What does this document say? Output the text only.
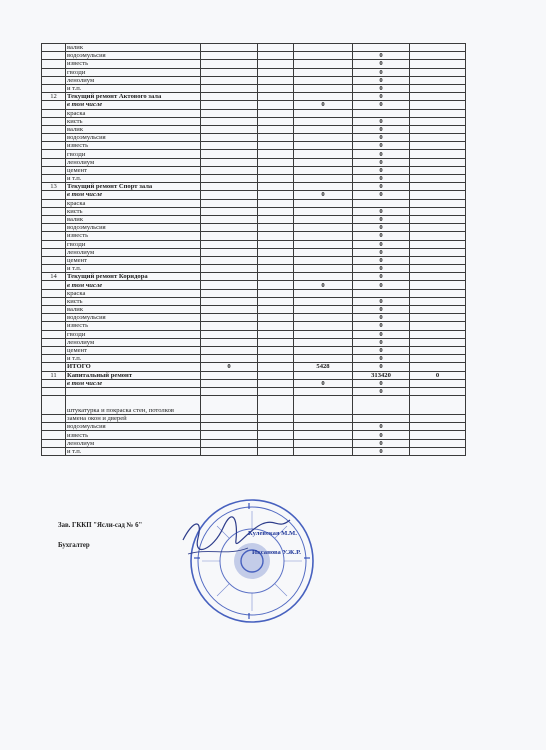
	валик					
	водоэмульсия				0	
	известь				0	
	гвозди				0	
	ленолиум				0	
	и т.п.				0	
12	Текущий ремонт Актового зала				0	
	в том числе			0	0	
	краска					
	кисть				0	
	валик				0	
	водоэмульсия				0	
	известь				0	
	гвозди				0	
	ленолиум				0	
	цемент				0	
	и т.п.				0	
13	Текущий ремонт Спорт зала				0	
	в том числе			0	0	
	краска					
	кисть				0	
	валик				0	
	водоэмульсия				0	
	известь				0	
	гвозди				0	
	ленолиум				0	
	цемент				0	
	и т.п.				0	
14	Текущий ремонт Коридора				0	
	в том числе			0	0	
	краска					
	кисть				0	
	валик				0	
	водоэмульсия				0	
	известь				0	
	гвозди				0	
	ленолиум				0	
	цемент				0	
	и т.п.				0	
	ИТОГО	0		5428	0	
11	Капитальный ремонт				313420	0
	в том числе			0	0	
					0	
	штукатурка и покраска стен, потолков					
	замена окон и дверей					
	водоэмульсия				0	
	известь				0	
	ленолиум				0	
	и т.п.				0	
Зав. ГККП "Ясли-сад № 6"
Бухгалтер
Кулевская М.М.
Иксанова У.Ж.Р.
